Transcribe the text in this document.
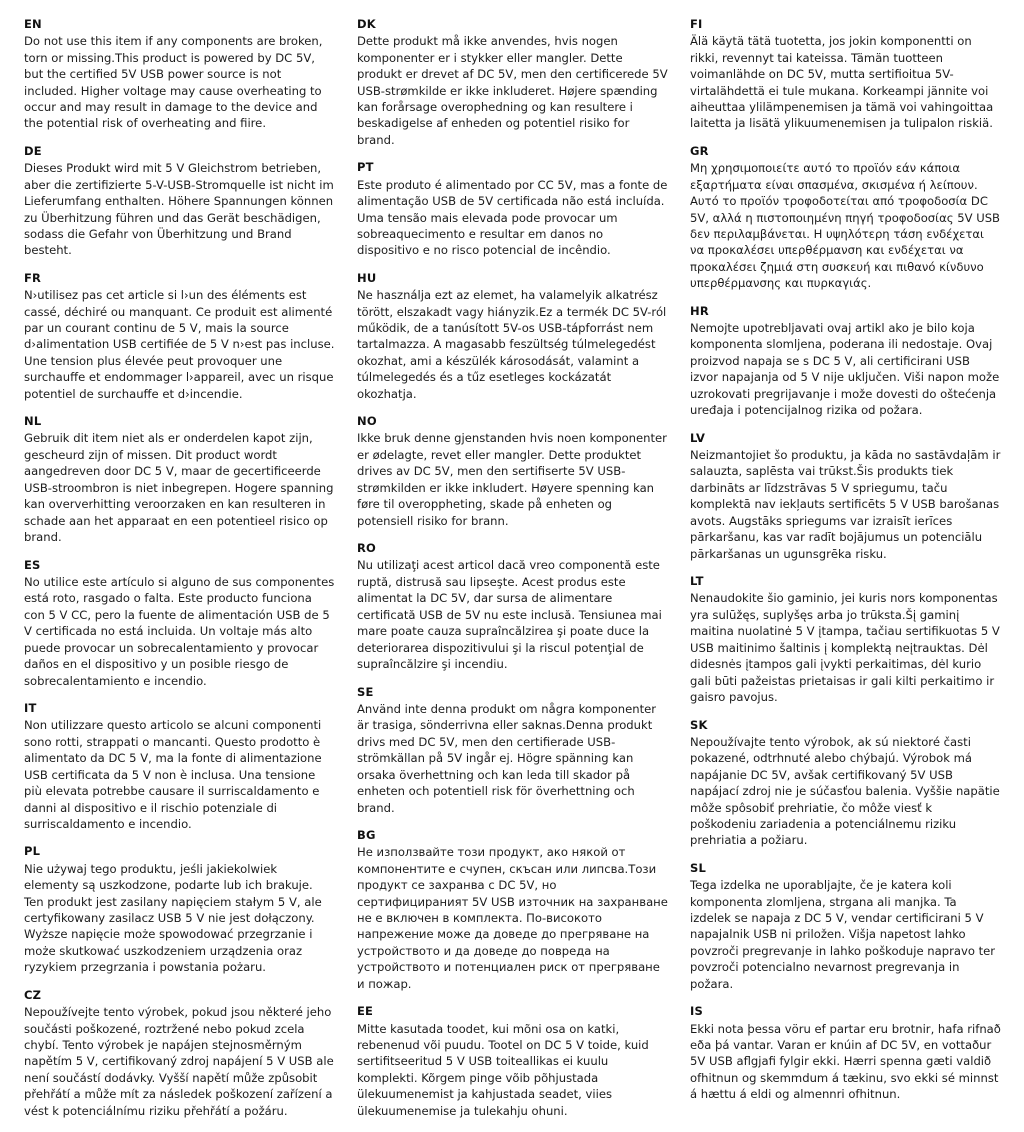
EN
Do not use this item if any components are broken, torn or missing.This product is powered by DC 5V, but the certified 5V USB power source is not included. Higher voltage may cause overheating to occur and may result in damage to the device and the potential risk of overheating and fiire.
DE
Dieses Produkt wird mit 5 V Gleichstrom betrieben, aber die zertifizierte 5-V-USB-Stromquelle ist nicht im Lieferumfang enthalten. Höhere Spannungen können zu Überhitzung führen und das Gerät beschädigen, sodass die Gefahr von Überhitzung und Brand besteht.
FR
N›utilisez pas cet article si l›un des éléments est cassé, déchiré ou manquant. Ce produit est alimenté par un courant continu de 5 V, mais la source d›alimentation USB certifiée de 5 V n›est pas incluse. Une tension plus élevée peut provoquer une surchauffe et endommager l›appareil, avec un risque potentiel de surchauffe et d›incendie.
NL
Gebruik dit item niet als er onderdelen kapot zijn, gescheurd zijn of missen. Dit product wordt aangedreven door DC 5 V, maar de gecertificeerde USB-stroombron is niet inbegrepen. Hogere spanning kan oververhitting veroorzaken en kan resulteren in schade aan het apparaat en een potentieel risico op brand.
ES
No utilice este artículo si alguno de sus componentes está roto, rasgado o falta. Este producto funciona con 5 V CC, pero la fuente de alimentación USB de 5 V certificada no está incluida. Un voltaje más alto puede provocar un sobrecalentamiento y provocar daños en el dispositivo y un posible riesgo de sobrecalentamiento e incendio.
IT
Non utilizzare questo articolo se alcuni componenti sono rotti, strappati o mancanti. Questo prodotto è alimentato da DC 5 V, ma la fonte di alimentazione USB certificata da 5 V non è inclusa. Una tensione più elevata potrebbe causare il surriscaldamento e danni al dispositivo e il rischio potenziale di surriscaldamento e incendio.
PL
Nie używaj tego produktu, jeśli jakiekolwiek elementy są uszkodzone, podarte lub ich brakuje. Ten produkt jest zasilany napięciem stałym 5 V, ale certyfikowany zasilacz USB 5 V nie jest dołączony. Wyższe napięcie może spowodować przegrzanie i może skutkować uszkodzeniem urządzenia oraz ryzykiem przegrzania i powstania pożaru.
CZ
Nepoužívejte tento výrobek, pokud jsou některé jeho součásti poškozené, roztržené nebo pokud zcela chybí. Tento výrobek je napájen stejnosměrným napětím 5 V, certifikovaný zdroj napájení 5 V USB ale není součástí dodávky. Vyšší napětí může způsobit přehřátí a může mít za následek poškození zařízení a vést k potenciálnímu riziku přehřátí a požáru.
DK
Dette produkt må ikke anvendes, hvis nogen komponenter er i stykker eller mangler. Dette produkt er drevet af DC 5V, men den certificerede 5V USB-strømkilde er ikke inkluderet. Højere spænding kan forårsage overophedning og kan resultere i beskadigelse af enheden og potentiel risiko for brand.
PT
Este produto é alimentado por CC 5V, mas a fonte de alimentação USB de 5V certificada não está incluída. Uma tensão mais elevada pode provocar um sobreaquecimento e resultar em danos no dispositivo e no risco potencial de incêndio.
HU
Ne használja ezt az elemet, ha valamelyik alkatrész törött, elszakadt vagy hiányzik.Ez a termék DC 5V-ról működik, de a tanúsított 5V-os USB-tápforrást nem tartalmazza. A magasabb feszültség túlmelegedést okozhat, ami a készülék károsodását, valamint a túlmelegedés és a tűz esetleges kockázatát okozhatja.
NO
Ikke bruk denne gjenstanden hvis noen komponenter er ødelagte, revet eller mangler. Dette produktet drives av DC 5V, men den sertifiserte 5V USB-strømkilden er ikke inkludert. Høyere spenning kan føre til overoppheting, skade på enheten og potensiell risiko for brann.
RO
Nu utilizaţi acest articol dacă vreo componentă este ruptă, distrusă sau lipseşte. Acest produs este alimentat la DC 5V, dar sursa de alimentare certificată USB de 5V nu este inclusă. Tensiunea mai mare poate cauza supraîncălzirea şi poate duce la deteriorarea dispozitivului şi la riscul potenţial de supraîncălzire şi incendiu.
SE
Använd inte denna produkt om några komponenter är trasiga, sönderrivna eller saknas.Denna produkt drivs med DC 5V, men den certifierade USB-strömkällan på 5V ingår ej. Högre spänning kan orsaka överhettning och kan leda till skador på enheten och potentiell risk för överhettning och brand.
BG
Не използвайте този продукт, ако някой от компонентите е счупен, скъсан или липсва.Този продукт се захранва с DC 5V, но сертифицираният 5V USB източник на захранване не е включен в комплекта. По-високото напрежение може да доведе до прегряване на устройството и да доведе до повреда на устройството и потенциален риск от прегряване и пожар.
EE
Mitte kasutada toodet, kui mõni osa on katki, rebenenud või puudu. Tootel on DC 5 V toide, kuid sertifitseeritud 5 V USB toiteallikas ei kuulu komplekti. Kõrgem pinge võib põhjustada ülekuumenemist ja kahjustada seadet, viies ülekuumenemise ja tulekahju ohuni.
FI
Älä käytä tätä tuotetta, jos jokin komponentti on rikki, revennyt tai kateissa. Tämän tuotteen voimanlähde on DC 5V, mutta sertifioitua 5V-virtalähdettä ei tule mukana. Korkeampi jännite voi aiheuttaa ylilämpenemisen ja tämä voi vahingoittaa laitetta ja lisätä ylikuumenemisen ja tulipalon riskiä.
GR
Μη χρησιμοποιείτε αυτό το προϊόν εάν κάποια εξαρτήματα είναι σπασμένα, σκισμένα ή λείπουν. Αυτό το προϊόν τροφοδοτείται από τροφοδοσία DC 5V, αλλά η πιστοποιημένη πηγή τροφοδοσίας 5V USB δεν περιλαμβάνεται. Η υψηλότερη τάση ενδέχεται να προκαλέσει υπερθέρμανση και ενδέχεται να προκαλέσει ζημιά στη συσκευή και πιθανό κίνδυνο υπερθέρμανσης και πυρκαγιάς.
HR
Nemojte upotrebljavati ovaj artikl ako je bilo koja komponenta slomljena, poderana ili nedostaje. Ovaj proizvod napaja se s DC 5 V, ali certificirani USB izvor napajanja od 5 V nije uključen. Viši napon može uzrokovati pregrijavanje i može dovesti do oštećenja uređaja i potencijalnog rizika od požara.
LV
Neizmantojiet šo produktu, ja kāda no sastāvdaļām ir salauzta, saplēsta vai trūkst.Šis produkts tiek darbināts ar līdzstrāvas 5 V spriegumu, taču komplektā nav iekļauts sertificēts 5 V USB barošanas avots. Augstāks spriegums var izraisīt ierīces pārkaršanu, kas var radīt bojājumus un potenciālu pārkaršanas un ugunsgrēka risku.
LT
Nenaudokite šio gaminio, jei kuris nors komponentas yra sulūžęs, suplyšęs arba jo trūksta.Šį gaminį maitina nuolatinė 5 V įtampa, tačiau sertifikuotas 5 V USB maitinimo šaltinis į komplektą neįtrauktas. Dėl didesnės įtampos gali įvykti perkaitimas, dėl kurio gali būti pažeistas prietaisas ir gali kilti perkaitimo ir gaisro pavojus.
SK
Nepoužívajte tento výrobok, ak sú niektoré časti pokazené, odtrhnuté alebo chýbajú. Výrobok má napájanie DC 5V, avšak certifikovaný 5V USB napájací zdroj nie je súčasťou balenia. Vyššie napätie môže spôsobiť prehriatie, čo môže viesť k poškodeniu zariadenia a potenciálnemu riziku prehriatia a požiaru.
SL
Tega izdelka ne uporabljajte, če je katera koli komponenta zlomljena, strgana ali manjka. Ta izdelek se napaja z DC 5 V, vendar certificirani 5 V napajalnik USB ni priložen. Višja napetost lahko povzroči pregrevanje in lahko poškoduje napravo ter povzroči potencialno nevarnost pregrevanja in požara.
IS
Ekki nota þessa vöru ef partar eru brotnir, hafa rifnað eða þá vantar. Varan er knúin af DC 5V, en vottaður 5V USB aflgjafi fylgir ekki. Hærri spenna gæti valdið ofhitnun og skemmdum á tækinu, svo ekki sé minnst á hættu á eldi og almennri ofhitnun.
